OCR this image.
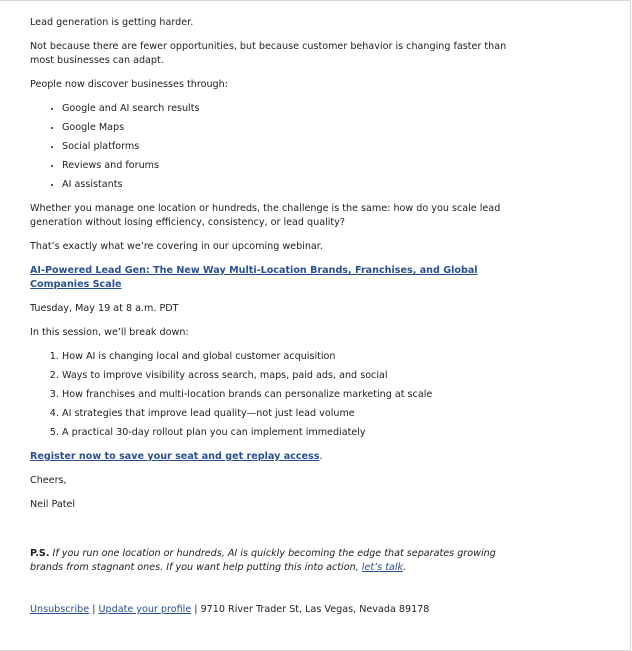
Lead generation is getting harder.

Not because there are fewer opportunities, but because customer behavior is changing faster than most businesses can adapt.

People now discover businesses through:

• Google and AI search results
• Google Maps
• Social platforms
• Reviews and forums
• AI assistants

Whether you manage one location or hundreds, the challenge is the same: how do you scale lead generation without losing efficiency, consistency, or lead quality?

That’s exactly what we’re covering in our upcoming webinar.

AI-Powered Lead Gen: The New Way Multi-Location Brands, Franchises, and Global Companies Scale

Tuesday, May 19 at 8 a.m. PDT

In this session, we’ll break down:

1. How AI is changing local and global customer acquisition
2. Ways to improve visibility across search, maps, paid ads, and social
3. How franchises and multi-location brands can personalize marketing at scale
4. AI strategies that improve lead quality—not just lead volume
5. A practical 30-day rollout plan you can implement immediately

Register now to save your seat and get replay access.

Cheers,

Neil Patel

P.S. If you run one location or hundreds, AI is quickly becoming the edge that separates growing brands from stagnant ones. If you want help putting this into action, let’s talk.

Unsubscribe | Update your profile | 9710 River Trader St, Las Vegas, Nevada 89178
